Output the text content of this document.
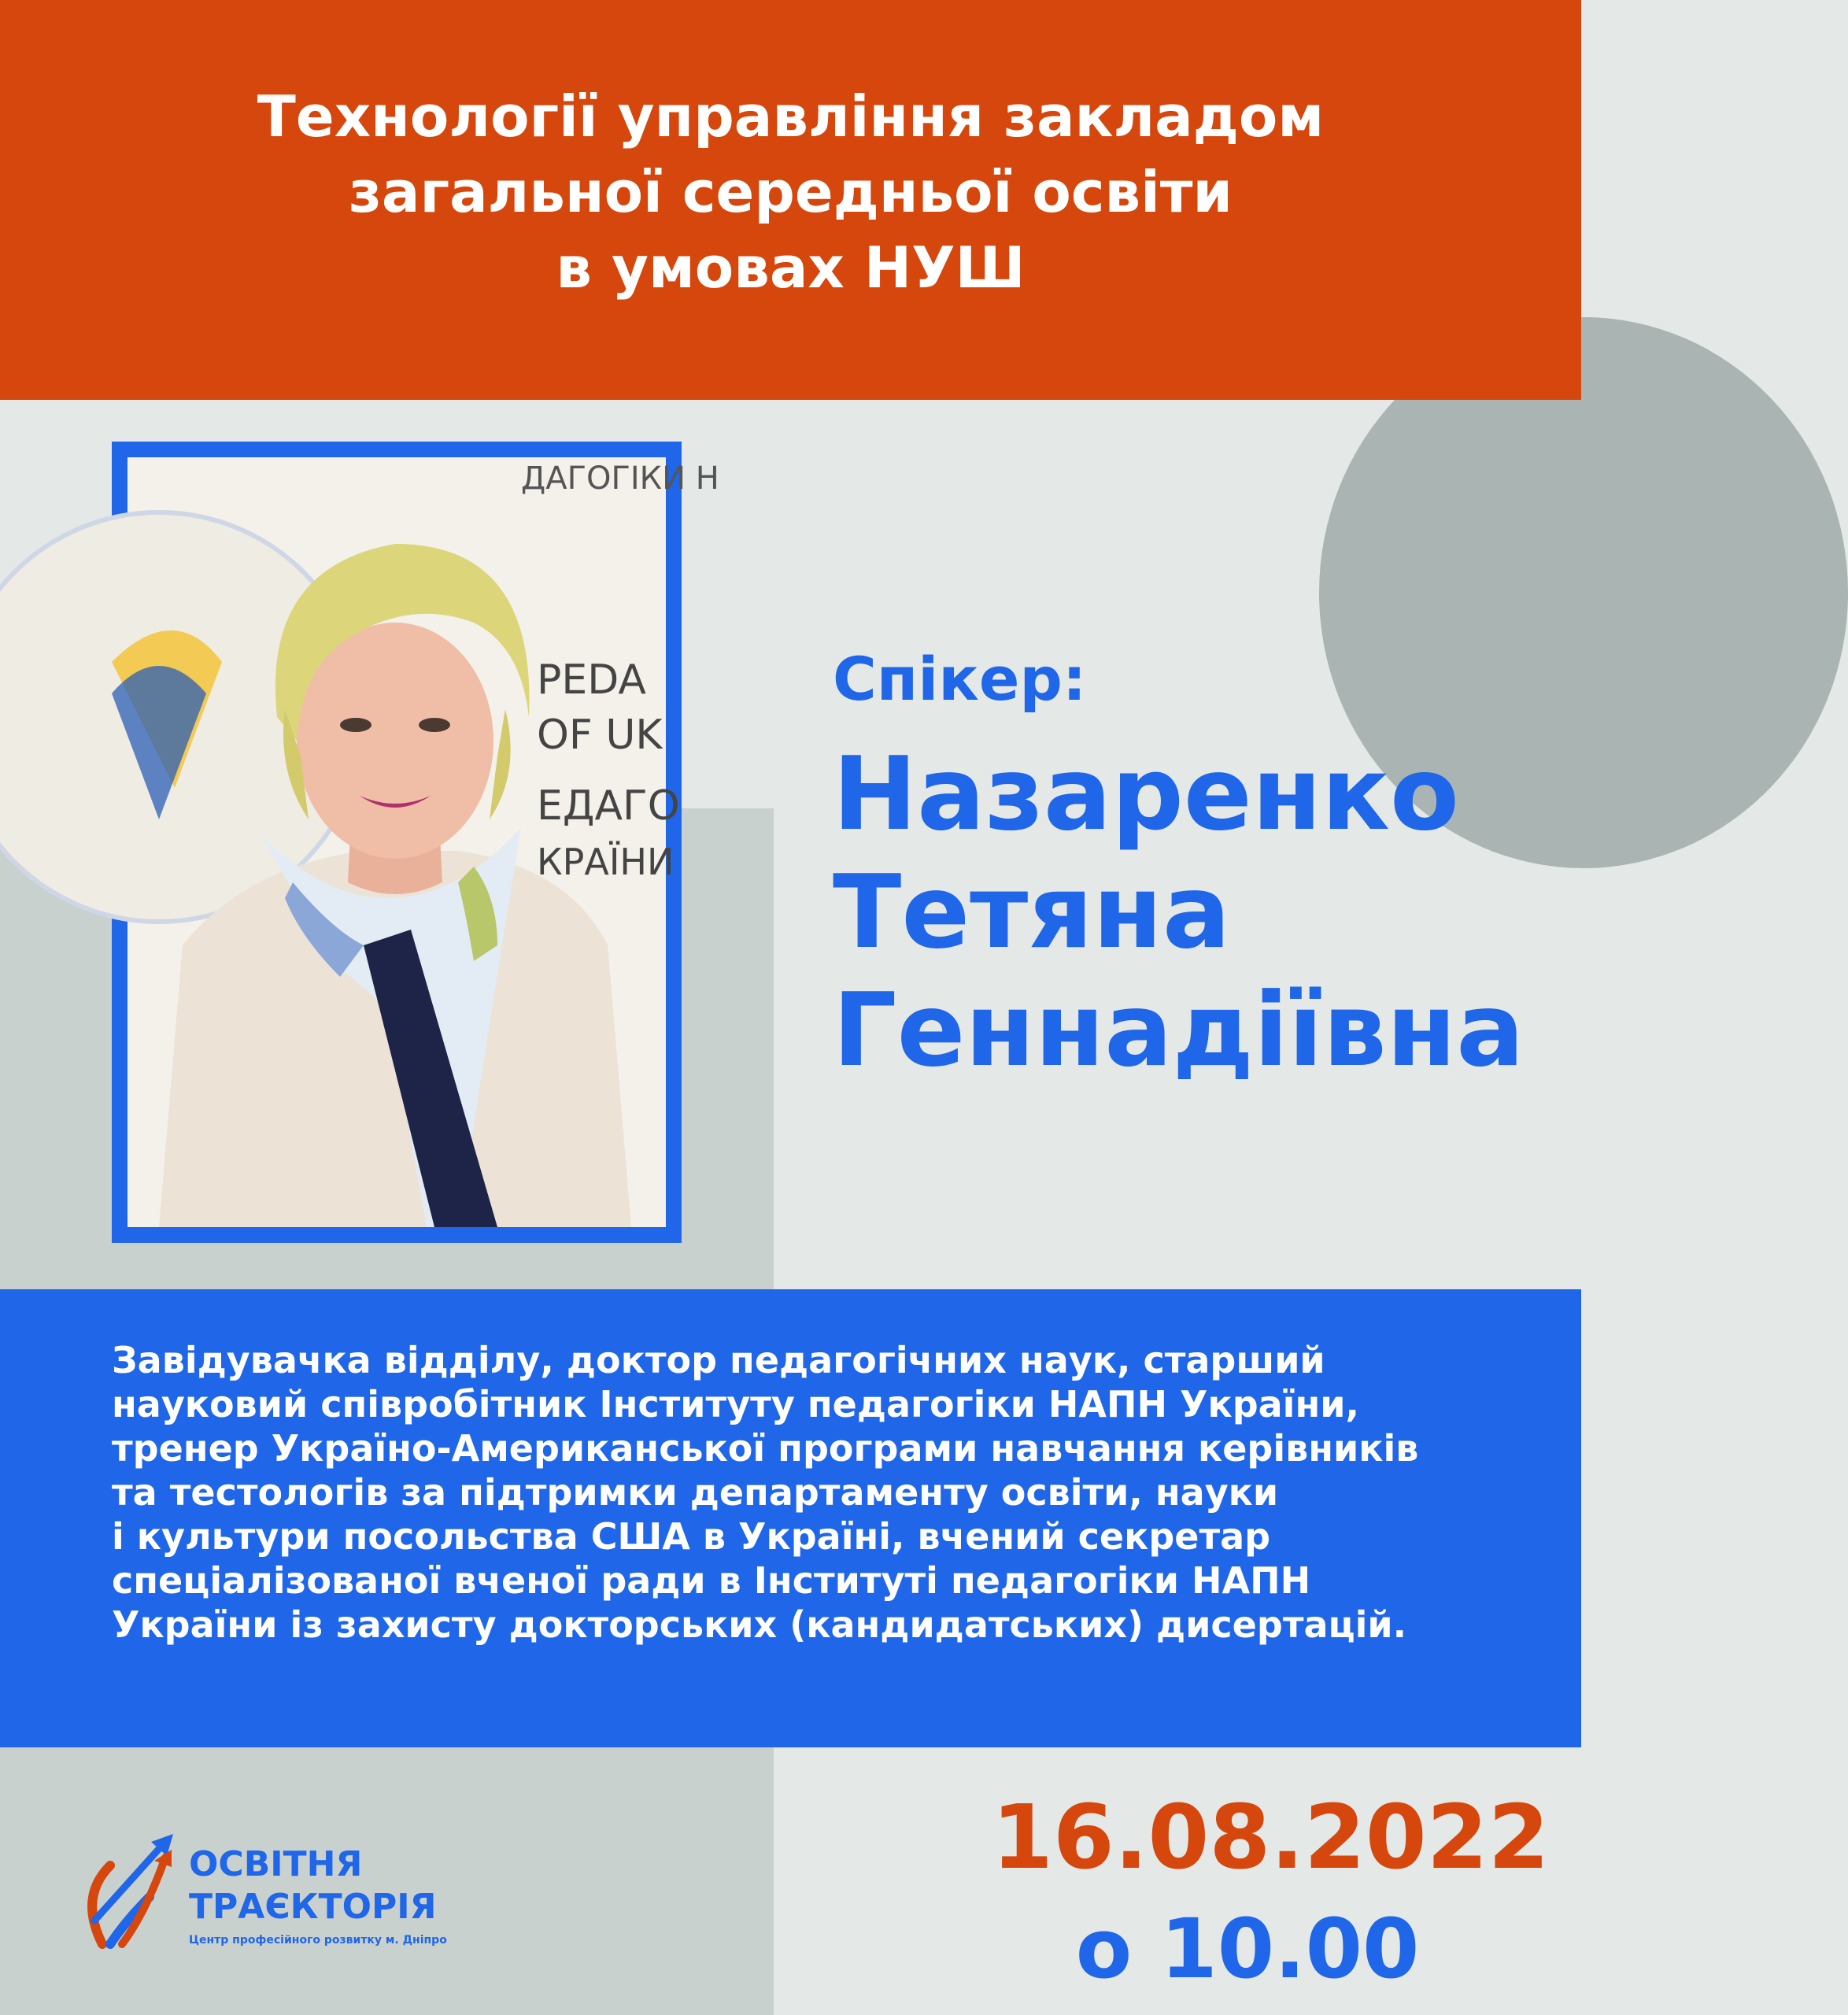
Технології управління закладом
загальної середньої освіти
в умовах НУШ
ДАГОГІКИ Н
PEDA
OF UK
ЕДАГО
КРАЇНИ
Спікер:
Назаренко
Тетяна
Геннадіївна
Завідувачка відділу, доктор педагогічних наук, старший
науковий співробітник Інституту педагогіки НАПН України,
тренер Україно-Американської програми навчання керівників
та тестологів за підтримки департаменту освіти, науки
і культури посольства США в Україні, вчений секретар
спеціалізованої вченої ради в Інституті педагогіки НАПН
України із захисту докторських (кандидатських) дисертацій.
ОСВІТНЯ
ТРАЄКТОРІЯ
Центр професійного розвитку м. Дніпро
16.08.2022
о 10.00
